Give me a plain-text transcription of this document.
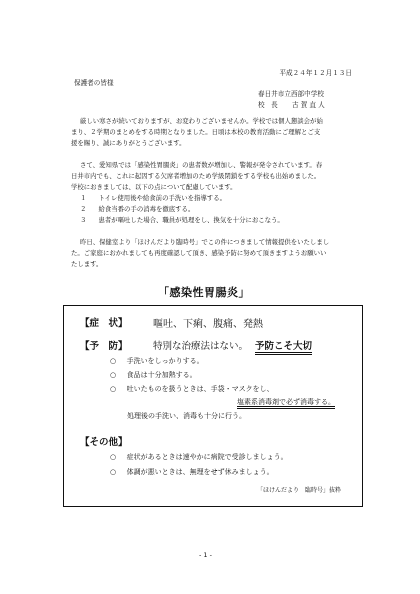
平成２４年１２月１３日
保護者の皆様
春日井市立西部中学校
校　長 古 賀 直 人
厳しい寒さが続いておりますが、お変わりございませんか。学校では個人懇談会が始
まり、２学期のまとめをする時期となりました。日頃は本校の教育活動にご理解とご支
援を賜り、誠にありがとうございます。
さて、愛知県では「感染性胃腸炎」の患者数が増加し、警報が発令されています。春
日井市内でも、これに起因する欠席者増加のため学級閉鎖をする学校も出始めました。
学校におきましては、以下の点について配慮しています。
１ トイレ使用後や給食前の手洗いを指導する。
２ 給食当番の手の消毒を徹底する。
３ 患者が嘔吐した場合、職員が処理をし、換気を十分におこなう。
昨日、保健室より「ほけんだより臨時号」でこの件につきまして情報提供をいたしまし
た。ご家庭におかれましても再度確認して頂き、感染予防に努めて頂きますようお願いい
たします。
「感染性胃腸炎」
【症　状】	嘔吐、下痢、腹痛、発熱
【予　防】	特別な治療法はない。 予防こそ大切
○ 手洗いをしっかりする。
○ 食品は十分加熱する。
○ 吐いたものを扱うときは、手袋・マスクをし、
塩素系消毒剤で必ず消毒する。
処理後の手洗い、消毒も十分に行う。
【その他】
○ 症状があるときは速やかに病院で受診しましょう。
○ 体調が悪いときは、無理をせず休みましょう。
「ほけんだより　臨時号」抜粋
- 1 -
